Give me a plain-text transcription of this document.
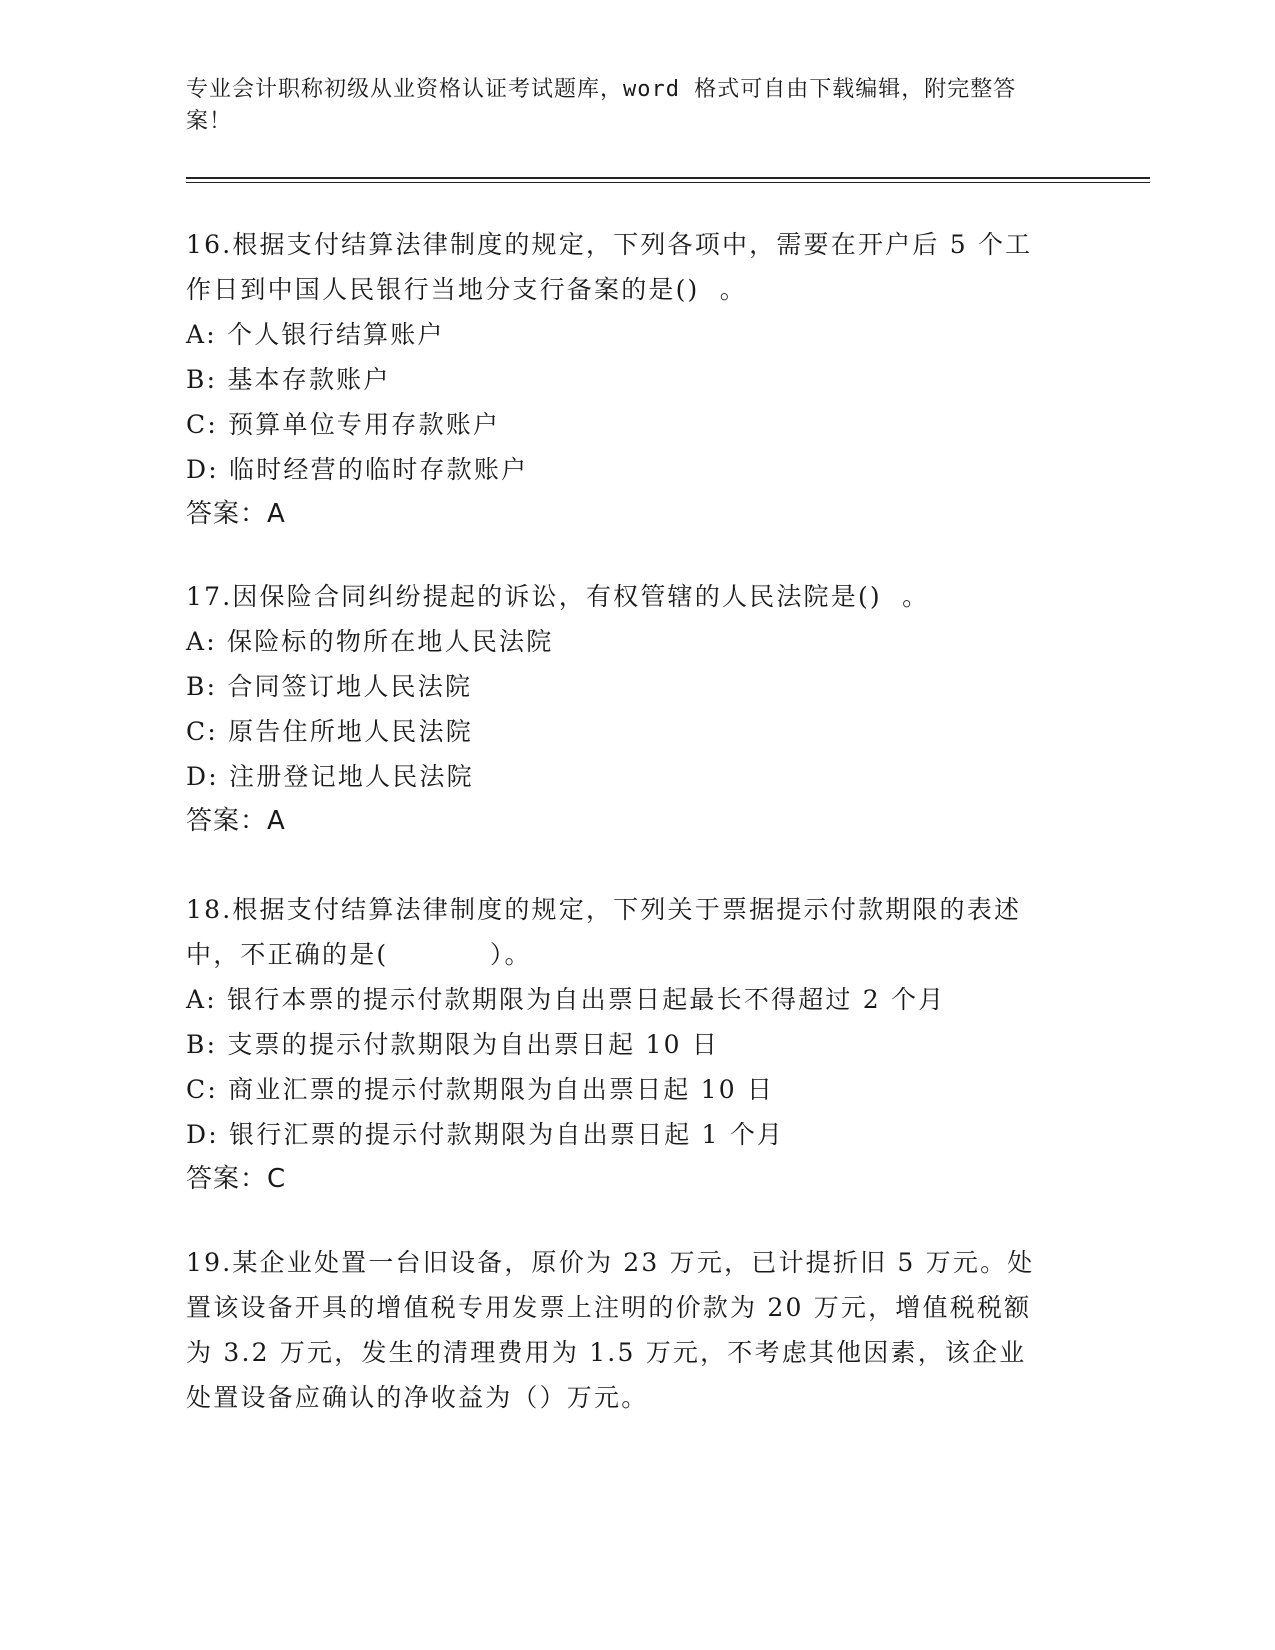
专业会计职称初级从业资格认证考试题库，word 格式可自由下载编辑，附完整答
案！
16.根据支付结算法律制度的规定，下列各项中，需要在开户后 5 个工
作日到中国人民银行当地分支行备案的是()  。
A: 个人银行结算账户
B: 基本存款账户
C: 预算单位专用存款账户
D: 临时经营的临时存款账户
答案：A
17.因保险合同纠纷提起的诉讼，有权管辖的人民法院是()  。
A: 保险标的物所在地人民法院
B: 合同签订地人民法院
C: 原告住所地人民法院
D: 注册登记地人民法院
答案：A
18.根据支付结算法律制度的规定，下列关于票据提示付款期限的表述
中，不正确的是(          ）。
A: 银行本票的提示付款期限为自出票日起最长不得超过 2 个月
B: 支票的提示付款期限为自出票日起 10 日
C: 商业汇票的提示付款期限为自出票日起 10 日
D: 银行汇票的提示付款期限为自出票日起 1 个月
答案：C
19.某企业处置一台旧设备，原价为 23 万元，已计提折旧 5 万元。处
置该设备开具的增值税专用发票上注明的价款为 20 万元，增值税税额
为 3.2 万元，发生的清理费用为 1.5 万元，不考虑其他因素，该企业
处置设备应确认的净收益为（）万元。
